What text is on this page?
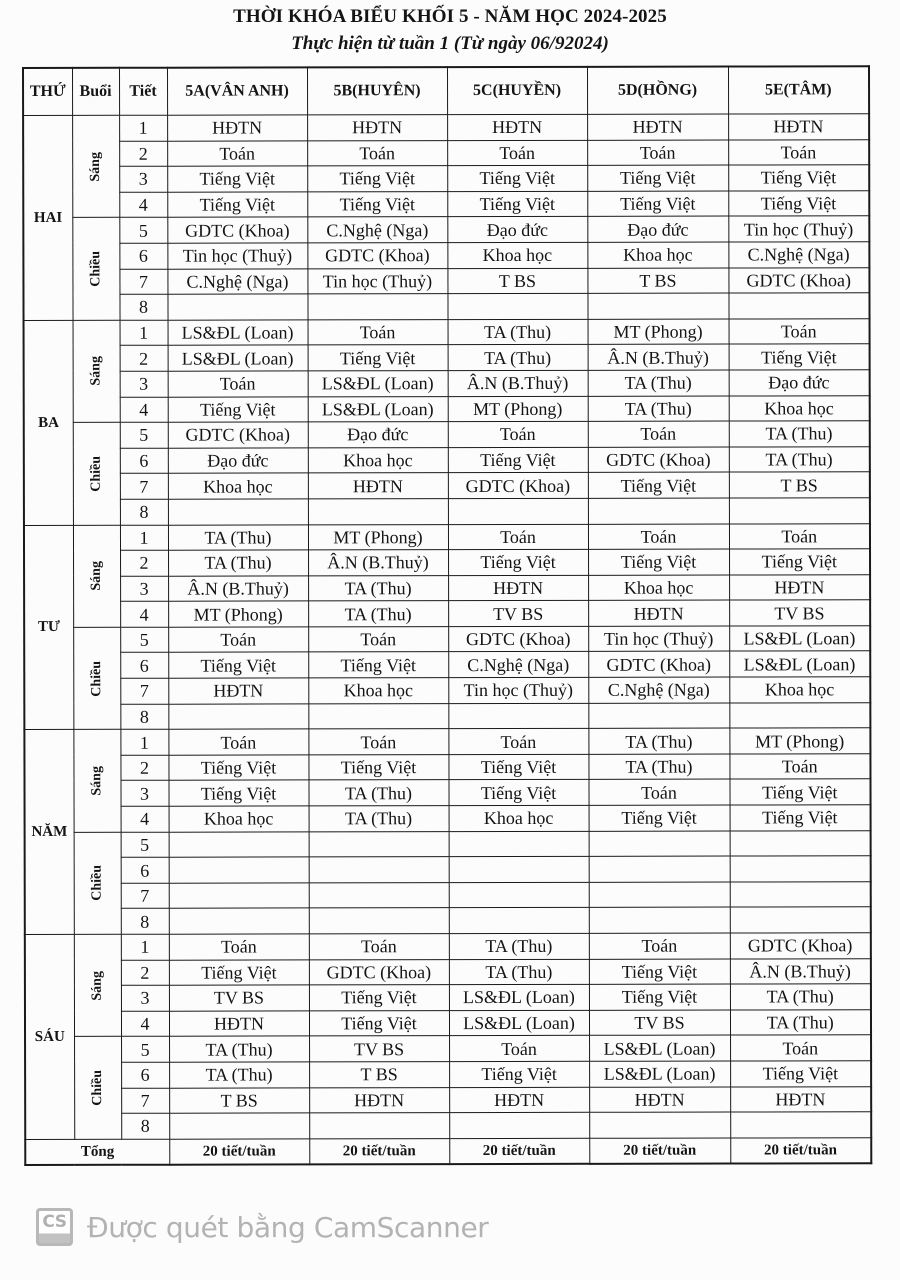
THỜI KHÓA BIỂU KHỐI 5 - NĂM HỌC 2024-2025
Thực hiện từ tuần 1 (Từ ngày 06/92024)
THỨ	Buổi	Tiết	5A(VÂN ANH)	5B(HUYÊN)	5C(HUYỀN)	5D(HỒNG)	5E(TÂM)
HAI	Sáng	1	HĐTN	HĐTN	HĐTN	HĐTN	HĐTN
		2	Toán	Toán	Toán	Toán	Toán
		3	Tiếng Việt	Tiếng Việt	Tiếng Việt	Tiếng Việt	Tiếng Việt
		4	Tiếng Việt	Tiếng Việt	Tiếng Việt	Tiếng Việt	Tiếng Việt
	Chiều	5	GDTC (Khoa)	C.Nghệ (Nga)	Đạo đức	Đạo đức	Tin học (Thuỷ)
		6	Tin học (Thuỷ)	GDTC (Khoa)	Khoa học	Khoa học	C.Nghệ (Nga)
		7	C.Nghệ (Nga)	Tin học (Thuỷ)	T BS	T BS	GDTC (Khoa)
		8					
BA	Sáng	1	LS&ĐL (Loan)	Toán	TA (Thu)	MT (Phong)	Toán
		2	LS&ĐL (Loan)	Tiếng Việt	TA (Thu)	Â.N (B.Thuỷ)	Tiếng Việt
		3	Toán	LS&ĐL (Loan)	Â.N (B.Thuỷ)	TA (Thu)	Đạo đức
		4	Tiếng Việt	LS&ĐL (Loan)	MT (Phong)	TA (Thu)	Khoa học
	Chiều	5	GDTC (Khoa)	Đạo đức	Toán	Toán	TA (Thu)
		6	Đạo đức	Khoa học	Tiếng Việt	GDTC (Khoa)	TA (Thu)
		7	Khoa học	HĐTN	GDTC (Khoa)	Tiếng Việt	T BS
		8					
TƯ	Sáng	1	TA (Thu)	MT (Phong)	Toán	Toán	Toán
		2	TA (Thu)	Â.N (B.Thuỷ)	Tiếng Việt	Tiếng Việt	Tiếng Việt
		3	Â.N (B.Thuỷ)	TA (Thu)	HĐTN	Khoa học	HĐTN
		4	MT (Phong)	TA (Thu)	TV BS	HĐTN	TV BS
	Chiều	5	Toán	Toán	GDTC (Khoa)	Tin học (Thuỷ)	LS&ĐL (Loan)
		6	Tiếng Việt	Tiếng Việt	C.Nghệ (Nga)	GDTC (Khoa)	LS&ĐL (Loan)
		7	HĐTN	Khoa học	Tin học (Thuỷ)	C.Nghệ (Nga)	Khoa học
		8					
NĂM	Sáng	1	Toán	Toán	Toán	TA (Thu)	MT (Phong)
		2	Tiếng Việt	Tiếng Việt	Tiếng Việt	TA (Thu)	Toán
		3	Tiếng Việt	TA (Thu)	Tiếng Việt	Toán	Tiếng Việt
		4	Khoa học	TA (Thu)	Khoa học	Tiếng Việt	Tiếng Việt
	Chiều	5					
		6					
		7					
		8					
SÁU	Sáng	1	Toán	Toán	TA (Thu)	Toán	GDTC (Khoa)
		2	Tiếng Việt	GDTC (Khoa)	TA (Thu)	Tiếng Việt	Â.N (B.Thuỷ)
		3	TV BS	Tiếng Việt	LS&ĐL (Loan)	Tiếng Việt	TA (Thu)
		4	HĐTN	Tiếng Việt	LS&ĐL (Loan)	TV BS	TA (Thu)
	Chiều	5	TA (Thu)	TV BS	Toán	LS&ĐL (Loan)	Toán
		6	TA (Thu)	T BS	Tiếng Việt	LS&ĐL (Loan)	Tiếng Việt
		7	T BS	HĐTN	HĐTN	HĐTN	HĐTN
		8					
Tổng			20 tiết/tuần	20 tiết/tuần	20 tiết/tuần	20 tiết/tuần	20 tiết/tuần
CS Được quét bằng CamScanner
